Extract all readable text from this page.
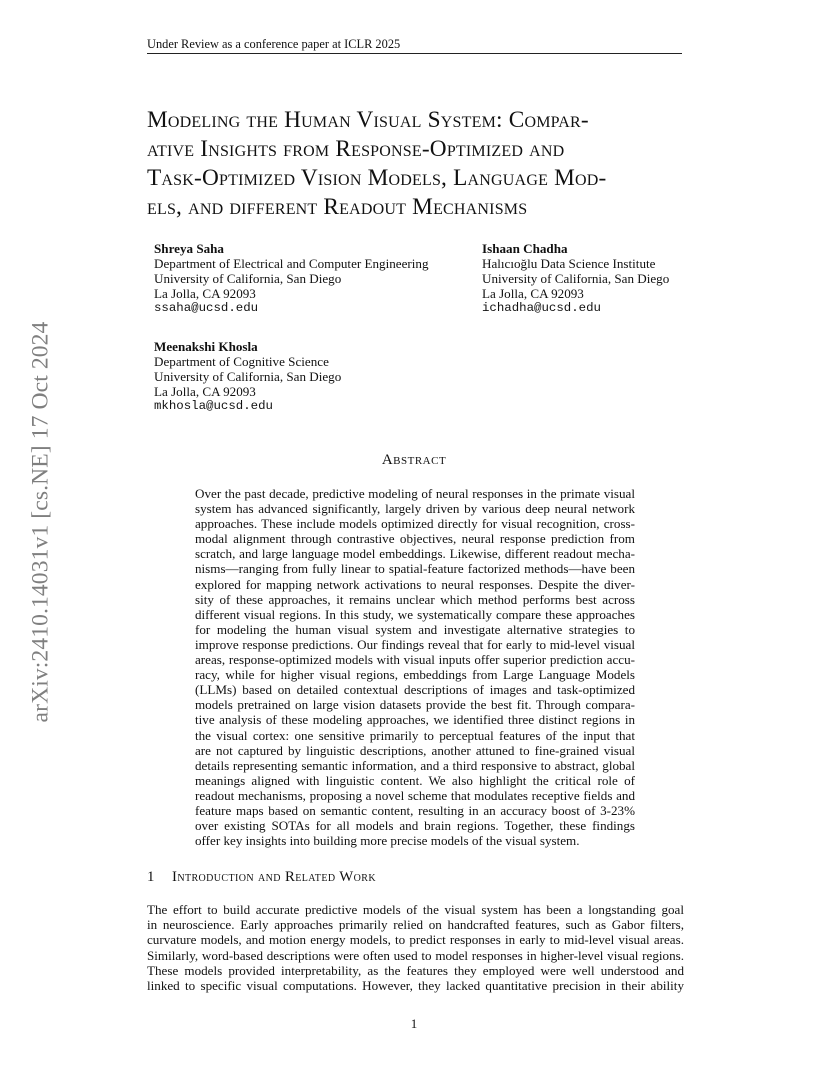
Under Review as a conference paper at ICLR 2025
arXiv:2410.14031v1 [cs.NE] 17 Oct 2024
Modeling the Human Visual System: Compar-
ative Insights from Response-Optimized and
Task-Optimized Vision Models, Language Mod-
els, and different Readout Mechanisms
Shreya Saha
Department of Electrical and Computer Engineering
University of California, San Diego
La Jolla, CA 92093
ssaha@ucsd.edu
Ishaan Chadha
Halıcıoğlu Data Science Institute
University of California, San Diego
La Jolla, CA 92093
ichadha@ucsd.edu
Meenakshi Khosla
Department of Cognitive Science
University of California, San Diego
La Jolla, CA 92093
mkhosla@ucsd.edu
Abstract
Over the past decade, predictive modeling of neural responses in the primate visual
system has advanced significantly, largely driven by various deep neural network
approaches. These include models optimized directly for visual recognition, cross-
modal alignment through contrastive objectives, neural response prediction from
scratch, and large language model embeddings. Likewise, different readout mecha-
nisms—ranging from fully linear to spatial-feature factorized methods—have been
explored for mapping network activations to neural responses. Despite the diver-
sity of these approaches, it remains unclear which method performs best across
different visual regions. In this study, we systematically compare these approaches
for modeling the human visual system and investigate alternative strategies to
improve response predictions. Our findings reveal that for early to mid-level visual
areas, response-optimized models with visual inputs offer superior prediction accu-
racy, while for higher visual regions, embeddings from Large Language Models
(LLMs) based on detailed contextual descriptions of images and task-optimized
models pretrained on large vision datasets provide the best fit. Through compara-
tive analysis of these modeling approaches, we identified three distinct regions in
the visual cortex: one sensitive primarily to perceptual features of the input that
are not captured by linguistic descriptions, another attuned to fine-grained visual
details representing semantic information, and a third responsive to abstract, global
meanings aligned with linguistic content. We also highlight the critical role of
readout mechanisms, proposing a novel scheme that modulates receptive fields and
feature maps based on semantic content, resulting in an accuracy boost of 3-23%
over existing SOTAs for all models and brain regions. Together, these findings
offer key insights into building more precise models of the visual system.
1 Introduction and Related Work
The effort to build accurate predictive models of the visual system has been a longstanding goal
in neuroscience. Early approaches primarily relied on handcrafted features, such as Gabor filters,
curvature models, and motion energy models, to predict responses in early to mid-level visual areas.
Similarly, word-based descriptions were often used to model responses in higher-level visual regions.
These models provided interpretability, as the features they employed were well understood and
linked to specific visual computations. However, they lacked quantitative precision in their ability
1
